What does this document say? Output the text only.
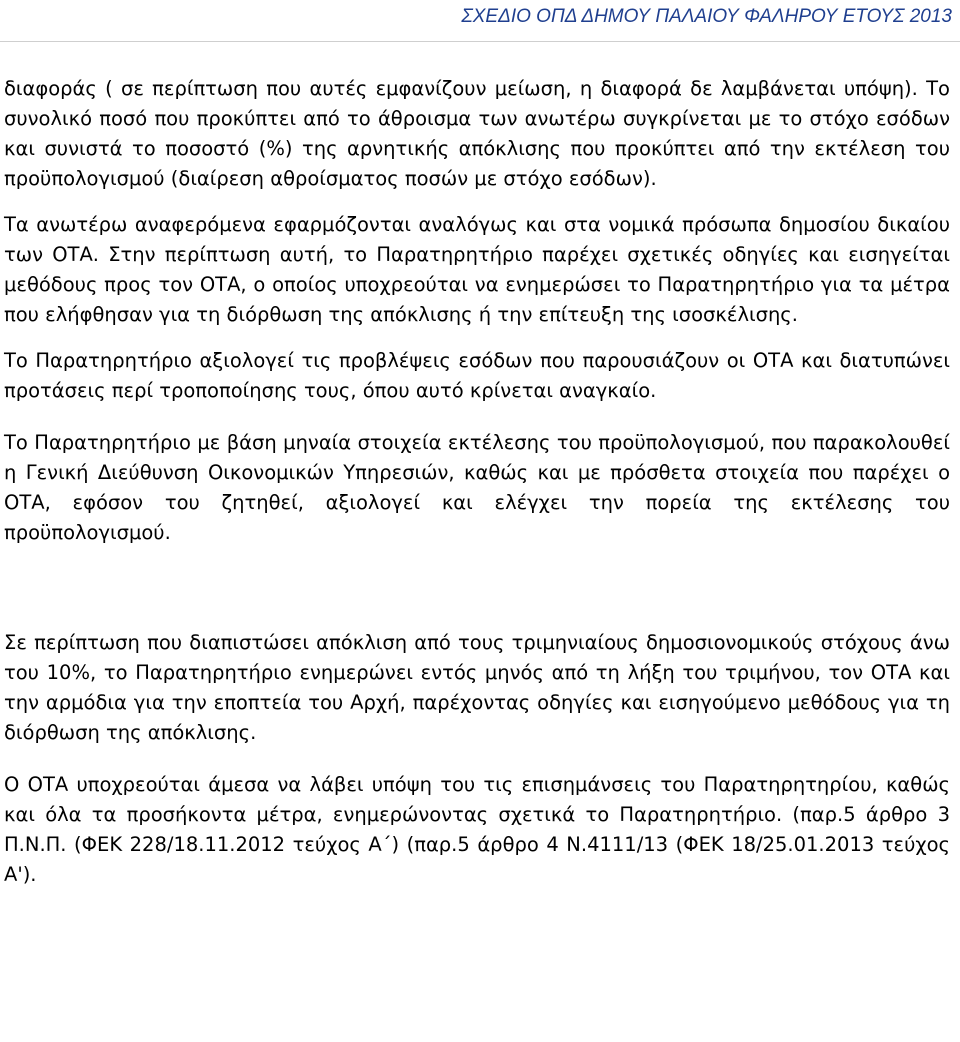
ΣΧΕΔΙΟ ΟΠΔ ΔΗΜΟΥ ΠΑΛΑΙΟΥ ΦΑΛΗΡΟΥ ΕΤΟΥΣ 2013

διαφοράς ( σε περίπτωση που αυτές εμφανίζουν μείωση, η διαφορά δε λαμβάνεται υπόψη). Το συνολικό ποσό που προκύπτει από το άθροισμα των ανωτέρω συγκρίνεται με το στόχο εσόδων και συνιστά το ποσοστό (%) της αρνητικής απόκλισης που προκύπτει από την εκτέλεση του προϋπολογισμού (διαίρεση αθροίσματος ποσών με στόχο εσόδων).

Τα ανωτέρω αναφερόμενα εφαρμόζονται αναλόγως και στα νομικά πρόσωπα δημοσίου δικαίου των ΟΤΑ. Στην περίπτωση αυτή, το Παρατηρητήριο παρέχει σχετικές οδηγίες και εισηγείται μεθόδους προς τον ΟΤΑ, ο οποίος υποχρεούται να ενημερώσει το Παρατηρητήριο για τα μέτρα που ελήφθησαν για τη διόρθωση της απόκλισης ή την επίτευξη της ισοσκέλισης.

Το Παρατηρητήριο αξιολογεί τις προβλέψεις εσόδων που παρουσιάζουν οι ΟΤΑ και διατυπώνει προτάσεις περί τροποποίησης τους, όπου αυτό κρίνεται αναγκαίο.

Το Παρατηρητήριο με βάση μηναία στοιχεία εκτέλεσης του προϋπολογισμού, που παρακολουθεί η Γενική Διεύθυνση Οικονομικών Υπηρεσιών, καθώς και με πρόσθετα στοιχεία που παρέχει ο ΟΤΑ, εφόσον του ζητηθεί, αξιολογεί και ελέγχει την πορεία της εκτέλεσης του προϋπολογισμού.

Σε περίπτωση που διαπιστώσει απόκλιση από τους τριμηνιαίους δημοσιονομικούς στόχους άνω του 10%, το Παρατηρητήριο ενημερώνει εντός μηνός από τη λήξη του τριμήνου, τον ΟΤΑ και την αρμόδια για την εποπτεία του Αρχή, παρέχοντας οδηγίες και εισηγούμενο μεθόδους για τη διόρθωση της απόκλισης.

Ο ΟΤΑ υποχρεούται άμεσα να λάβει υπόψη του τις επισημάνσεις του Παρατηρητηρίου, καθώς και όλα τα προσήκοντα μέτρα, ενημερώνοντας σχετικά το Παρατηρητήριο. (παρ.5 άρθρο 3 Π.Ν.Π. (ΦΕΚ 228/18.11.2012 τεύχος Α΄) (παρ.5 άρθρο 4 Ν.4111/13 (ΦΕΚ 18/25.01.2013 τεύχος Α').
